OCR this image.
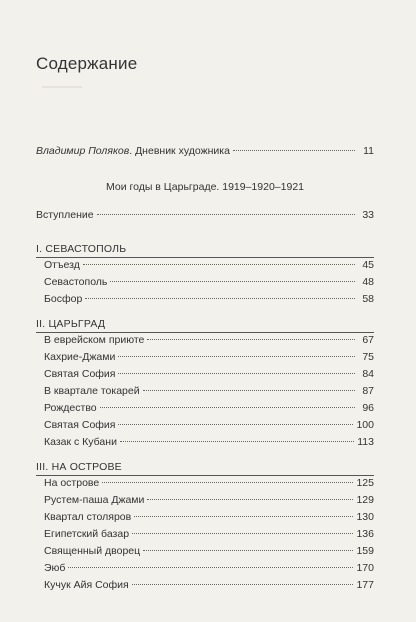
Содержание
Владимир Поляков. Дневник художника	11
Мои годы в Царьграде. 1919–1920–1921
Вступление	33
I. СЕВАСТОПОЛЬ
Отъезд	45
Севастополь	48
Босфор	58
II. ЦАРЬГРАД
В еврейском приюте	67
Кахрие-Джами	75
Святая София	84
В квартале токарей	87
Рождество	96
Святая София	100
Казак с Кубани	113
III. НА ОСТРОВЕ
На острове	125
Рустем-паша Джами	129
Квартал столяров	130
Египетский базар	136
Священный дворец	159
Эюб	170
Кучук Айя София	177
